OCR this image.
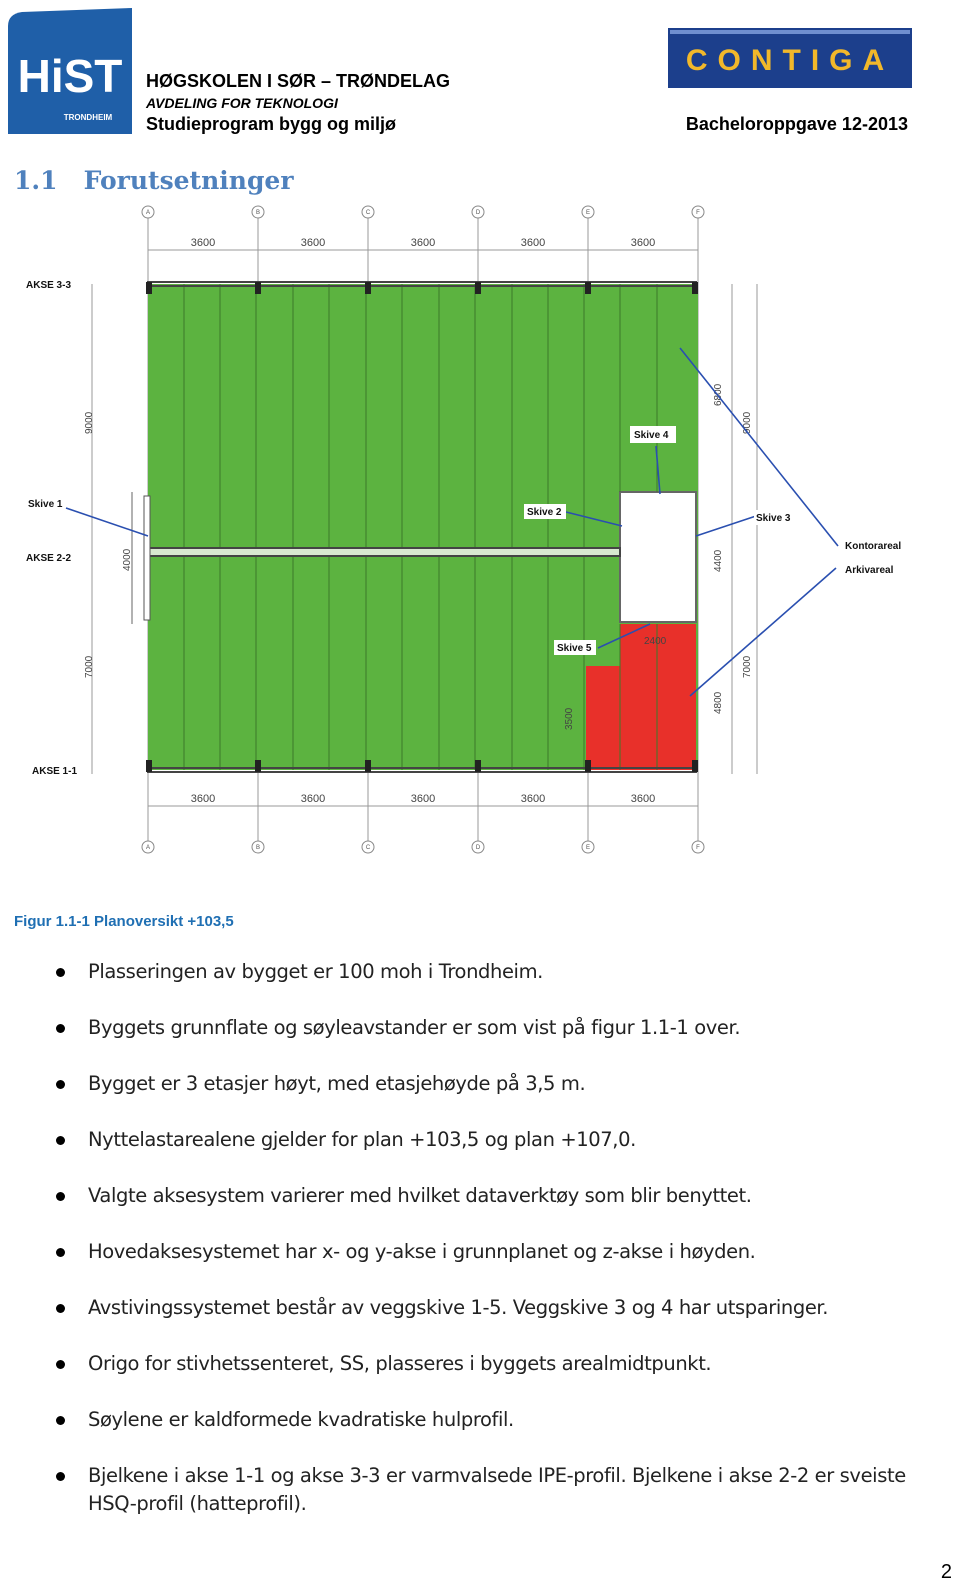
HiST
TRONDHEIM
HØGSKOLEN I SØR – TRØNDELAG
AVDELING FOR TEKNOLOGI
Studieprogram bygg og miljø	Bacheloroppgave 12-2013
CONTIGA
1.1 Forutsetninger
A	B	C	D	E	F
A	B	C	D	E	F
3600	3600	3600	3600	3600
3600	3600	3600	3600	3600
AKSE 3-3
AKSE 2-2
AKSE 1-1
9000
4000
7000
6800
9000
4400
4800
7000
2400
3500
Skive 1
Skive 2
Skive 3
Skive 4
Skive 5
Kontorareal
Arkivareal
Figur 1.1-1 Planoversikt +103,5
Plasseringen av bygget er 100 moh i Trondheim.
Byggets grunnflate og søyleavstander er som vist på figur 1.1-1 over.
Bygget er 3 etasjer høyt, med etasjehøyde på 3,5 m.
Nyttelastarealene gjelder for plan +103,5 og plan +107,0.
Valgte aksesystem varierer med hvilket dataverktøy som blir benyttet.
Hovedaksesystemet har x- og y-akse i grunnplanet og z-akse i høyden.
Avstivingssystemet består av veggskive 1-5. Veggskive 3 og 4 har utsparinger.
Origo for stivhetssenteret, SS, plasseres i byggets arealmidtpunkt.
Søylene er kaldformede kvadratiske hulprofil.
Bjelkene i akse 1-1 og akse 3-3 er varmvalsede IPE-profil. Bjelkene i akse 2-2 er sveiste HSQ-profil (hatteprofil).
2
